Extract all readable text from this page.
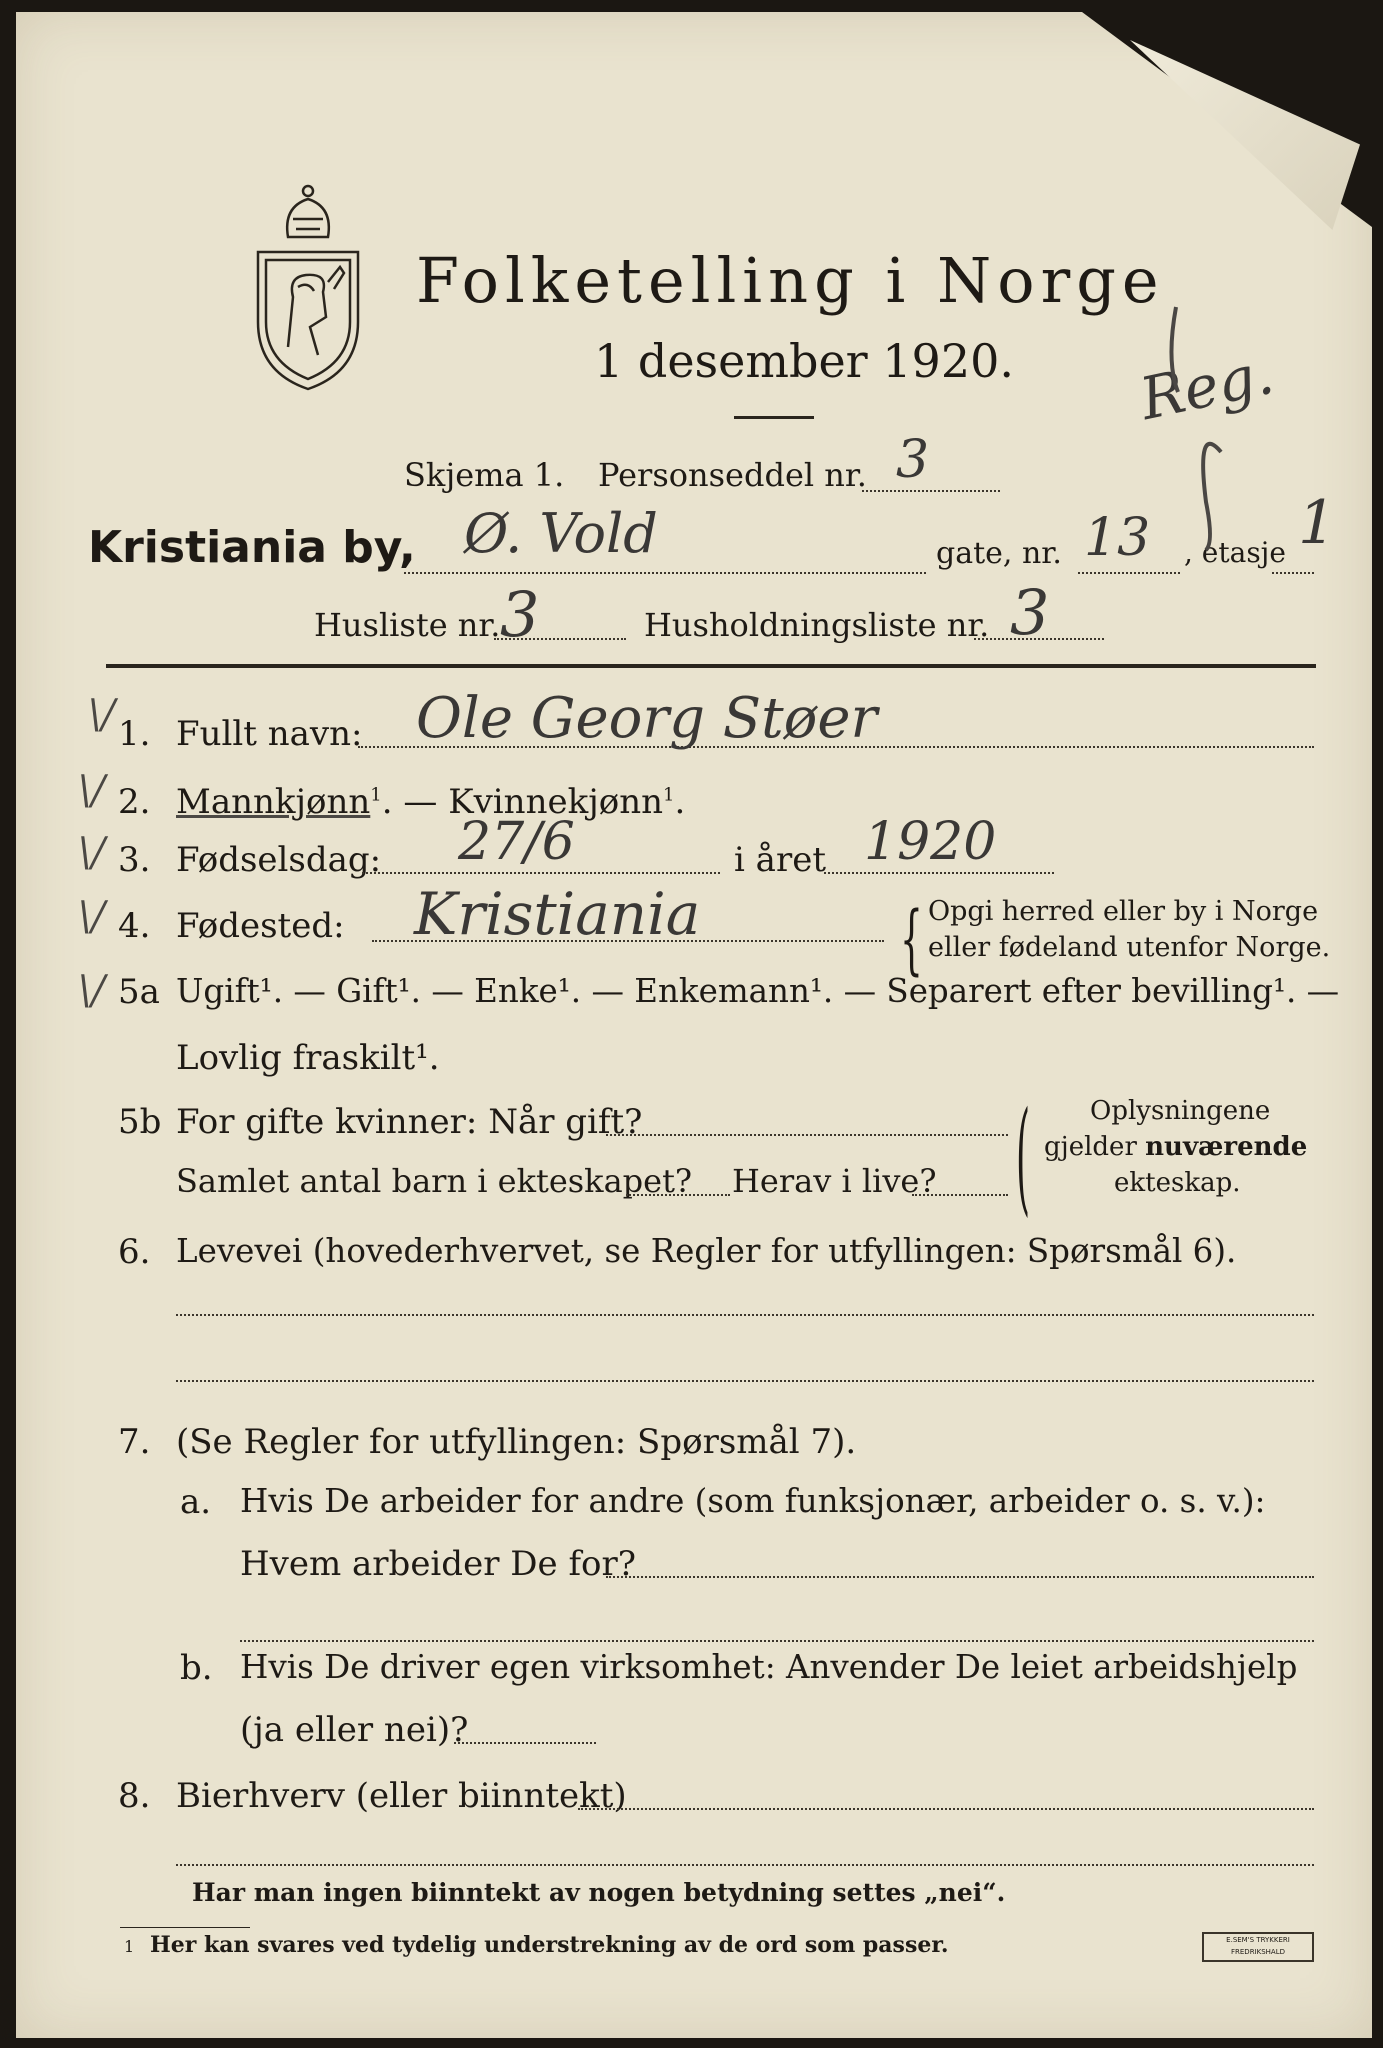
Folketelling i Norge
1 desember 1920.
Skjema 1. Personseddel nr. 3
Kristiania by, Ø. Vold	gate, nr. 13 , etasje 1
Reg.
Husliste nr. 3	Husholdningsliste nr. 3
\/
\/
\/
\/
\/
1. Fullt navn: Ole Georg Støer
2. Mannkjønn$^1$. — Kvinnekjønn$^1$.
3. Fødselsdag: 27/6	i året 1920
4. Fødested: Kristiania	{ Opgi herred eller by i Norge
eller fødeland utenfor Norge.
5a Ugift¹. — Gift¹. — Enke¹. — Enkemann¹. — Separert efter bevilling¹. —
Lovlig fraskilt¹.
5b For gifte kvinner: Når gift?
Samlet antal barn i ekteskapet? Herav i live? ( Oplysningene
gjelder nuværende
ekteskap.
6. Levevei (hovederhvervet, se Regler for utfyllingen: Spørsmål 6).
7. (Se Regler for utfyllingen: Spørsmål 7).
a. Hvis De arbeider for andre (som funksjonær, arbeider o. s. v.):
Hvem arbeider De for?
b. Hvis De driver egen virksomhet: Anvender De leiet arbeidshjelp
(ja eller nei)?
8. Bierhverv (eller biinntekt)
Har man ingen biinntekt av nogen betydning settes „nei“.
1 Her kan svares ved tydelig understrekning av de ord som passer.	E.SEM'S TRYKKERI
FREDRIKSHALD
